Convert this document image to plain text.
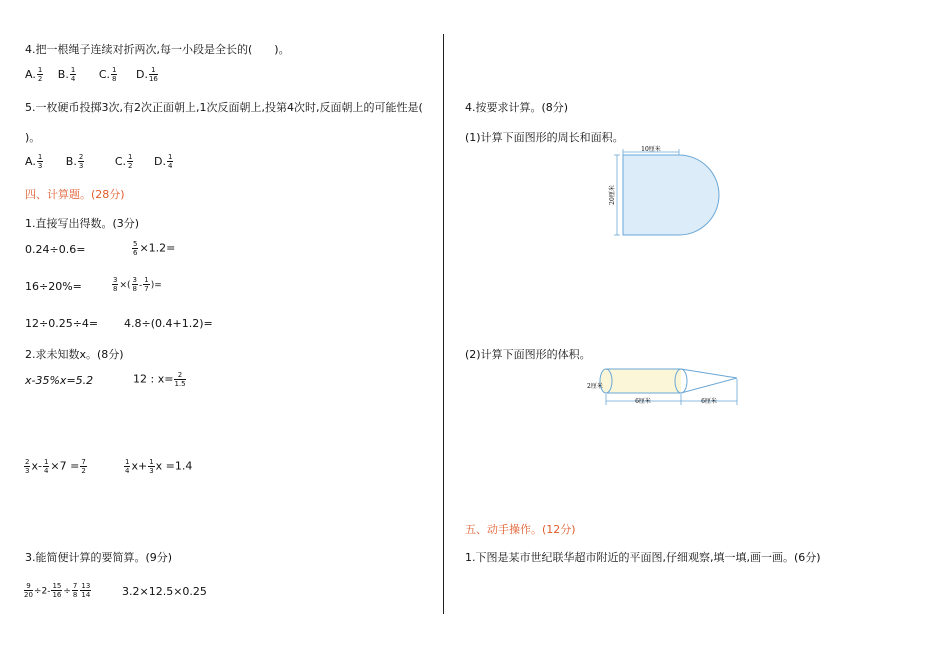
4.把一根绳子连续对折两次,每一小段是全长的(　　)。
A. $\frac{1}{2} B$. $\frac{1}{4} C$. $\frac{1}{8} D$. $\frac{1}{16}$
5.一枚硬币投掷3次,有2次正面朝上,1次反面朝上,投第4次时,反面朝上的可能性是(
)。
A. $\frac{1}{3} B$. $\frac{2}{3}$	C. $\frac{1}{2} D$. $\frac{1}{4}$
四、计算题。(28分)
1.直接写出得数。(3分)
0.24÷0.6=	$\frac{5}{6} \times 1.2=$
16÷20%=	$\frac{3}{8}$ ×( $\frac{3}{8} - \frac{1}{7}$ )=
12÷0.25÷4= 4.8÷(0.4+1.2)=
2.求未知数x。(8分)
x-35%x=5.2	12 : $x= \frac{2}{1.5}$
$\frac{2}{3} x- \frac{1}{4} \times 7 = \frac{7}{2}$	$\frac{1}{4} x+ \frac{1}{3}$ x =1.4
3.能简便计算的要简算。(9分)
$\frac{9}{20} \div 2- \frac{15}{16} \div \frac{7}{8} \frac{13}{14}$	3.2×12.5×0.25
4.按要求计算。(8分)
(1)计算下面图形的周长和面积。
10厘米
20厘米
(2)计算下面图形的体积。
2厘米
6厘米	6厘米
五、动手操作。(12分)
1.下图是某市世纪联华超市附近的平面图,仔细观察,填一填,画一画。(6分)
